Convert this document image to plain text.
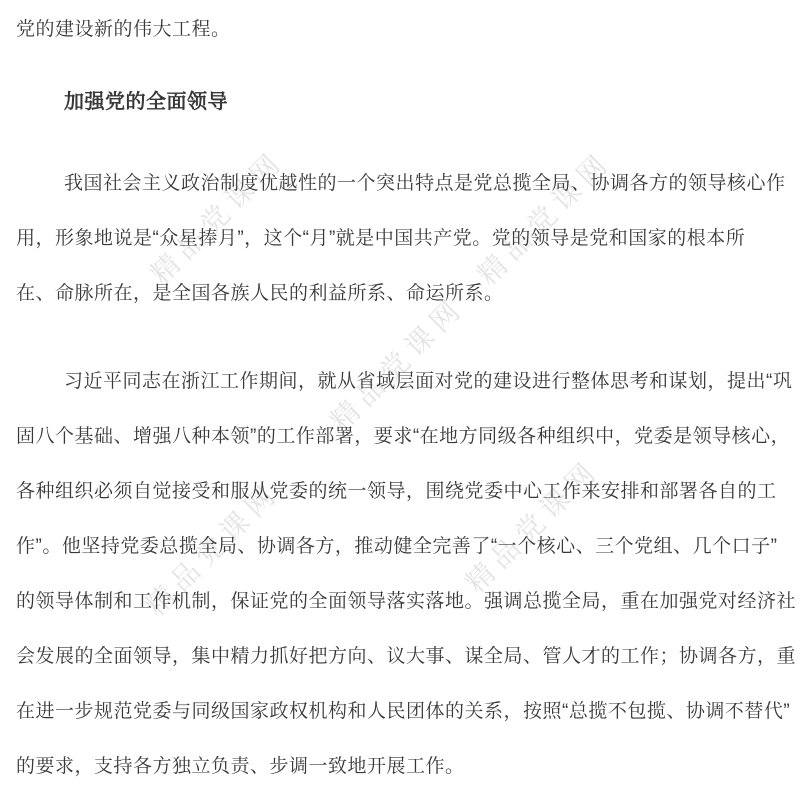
精品党课网	精品党课网
精品党课网
精品党课网	精品党课网
党的建设新的伟大工程。
加强党的全面领导
我国社会主义政治制度优越性的一个突出特点是党总揽全局、协调各方的领导核心作
用，形象地说是“众星捧月”，这个“月”就是中国共产党。党的领导是党和国家的根本所
在、命脉所在，是全国各族人民的利益所系、命运所系。
习近平同志在浙江工作期间，就从省域层面对党的建设进行整体思考和谋划，提出“巩
固八个基础、增强八种本领”的工作部署，要求“在地方同级各种组织中，党委是领导核心，
各种组织必须自觉接受和服从党委的统一领导，围绕党委中心工作来安排和部署各自的工
作”。他坚持党委总揽全局、协调各方，推动健全完善了“一个核心、三个党组、几个口子”
的领导体制和工作机制，保证党的全面领导落实落地。强调总揽全局，重在加强党对经济社
会发展的全面领导，集中精力抓好把方向、议大事、谋全局、管人才的工作；协调各方，重
在进一步规范党委与同级国家政权机构和人民团体的关系，按照“总揽不包揽、协调不替代”
的要求，支持各方独立负责、步调一致地开展工作。
